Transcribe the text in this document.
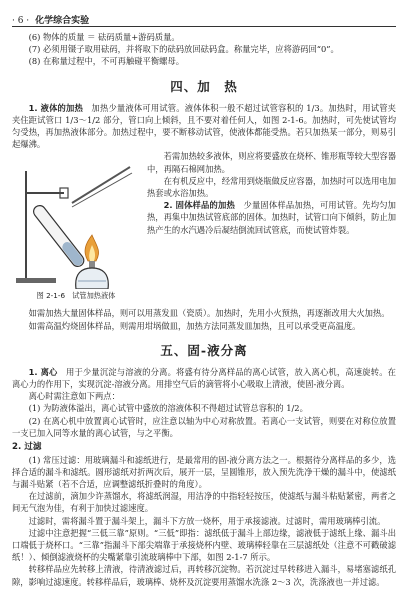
· 6 · 化学综合实验

(6) 物体的质量 ＝ 砝码质量+游码质量。

(7) 必须用镊子取用砝码，并将取下的砝码放回砝码盒。称量完毕，应将游码回“0”。

(8) 在称量过程中，不可再触碰平衡螺母。

四、加　热

1. 液体的加热　 加热少量液体可用试管。液体体积一般不超过试管容积的 1/3。加热时，用试管夹夹住距试管口 1/3～1/2 部分，管口向上倾斜，且不要对着任何人，如图 2-1-6。加热时，可先使试管均匀受热，再加热液体部分。加热过程中，要不断移动试管，使液体都能受热。若只加热某一部分，则易引起爆沸。

图 2-1-6　试管加热液体

若需加热较多液体，则应将要盛放在烧杯、锥形瓶等较大型容器中，再隔石棉网加热。

在有机反应中，经常用到烧瓶做反应容器，加热时可以选用电加热套或水浴加热。

2. 固体样品的加热　 少量固体样品加热，可用试管。先均匀加热，再集中加热试管底部的固体。加热时，试管口向下倾斜，防止加热产生的水汽遇冷后凝结倒流回试管底，而使试管炸裂。

如需加热大量固体样品，则可以用蒸发皿（瓷质）。加热时，先用小火预热，再逐渐改用大火加热。

如需高温灼烧固体样品，则需用坩埚做皿，加热方法同蒸发皿加热，且可以承受更高温度。

五、固-液分离

1. 离心　 用于少量沉淀与溶液的分离。将盛有待分离样品的离心试管，放入离心机，高速旋转。在离心力的作用下，实现沉淀-溶液分离。用排空气后的滴管将小心吸取上清液，使固-液分离。

离心时需注意如下两点：

(1) 为防液体溢出，离心试管中盛放的溶液体积不得超过试管总容积的 1/2。

(2) 在离心机中放置离心试管时，应注意以轴为中心对称放置。若离心一支试管，则要在对称位放置一支已加入同等水量的离心试管，与之平衡。

2. 过滤

(1) 常压过滤：用玻璃漏斗和滤纸进行，是最常用的固-液分离方法之一。根据待分离样品的多少，选择合适的漏斗和滤纸。圆形滤纸对折两次后，展开一层，呈圆锥形，放入预先洗净干燥的漏斗中，使滤纸与漏斗贴紧（若不合适，应调整滤纸折叠时的角度）。

在过滤前，滴加少许蒸馏水，将滤纸润湿，用洁净的中指轻轻按压，使滤纸与漏斗粘贴紧密，两者之间无气泡为佳，有利于加快过滤速度。

过滤时，需将漏斗置于漏斗架上，漏斗下方放一烧杯，用于承接滤液。过滤时，需用玻璃棒引流。

过滤中注意把握“三低三靠”原则。“三低”即指：滤纸低于漏斗上部边缘，滤液低于滤纸上缘、漏斗出口端低于烧杯口。“三靠”指漏斗下部尖端靠于承接烧杯内壁、玻璃棒轻靠在三层滤纸处（注意不可戳破滤纸！）、倾倒滤液烧杯的尖嘴紧靠引流玻璃棒中下部，如图 2-1-7 所示。

转移样品应先转移上清液，待清液滤过后，再转移沉淀物。若沉淀过早转移进入漏斗，易堵塞滤纸孔隙，影响过滤速度。转移样品后，玻璃棒、烧杯及沉淀要用蒸馏水洗涤 2～3 次，洗涤液也一并过滤。
